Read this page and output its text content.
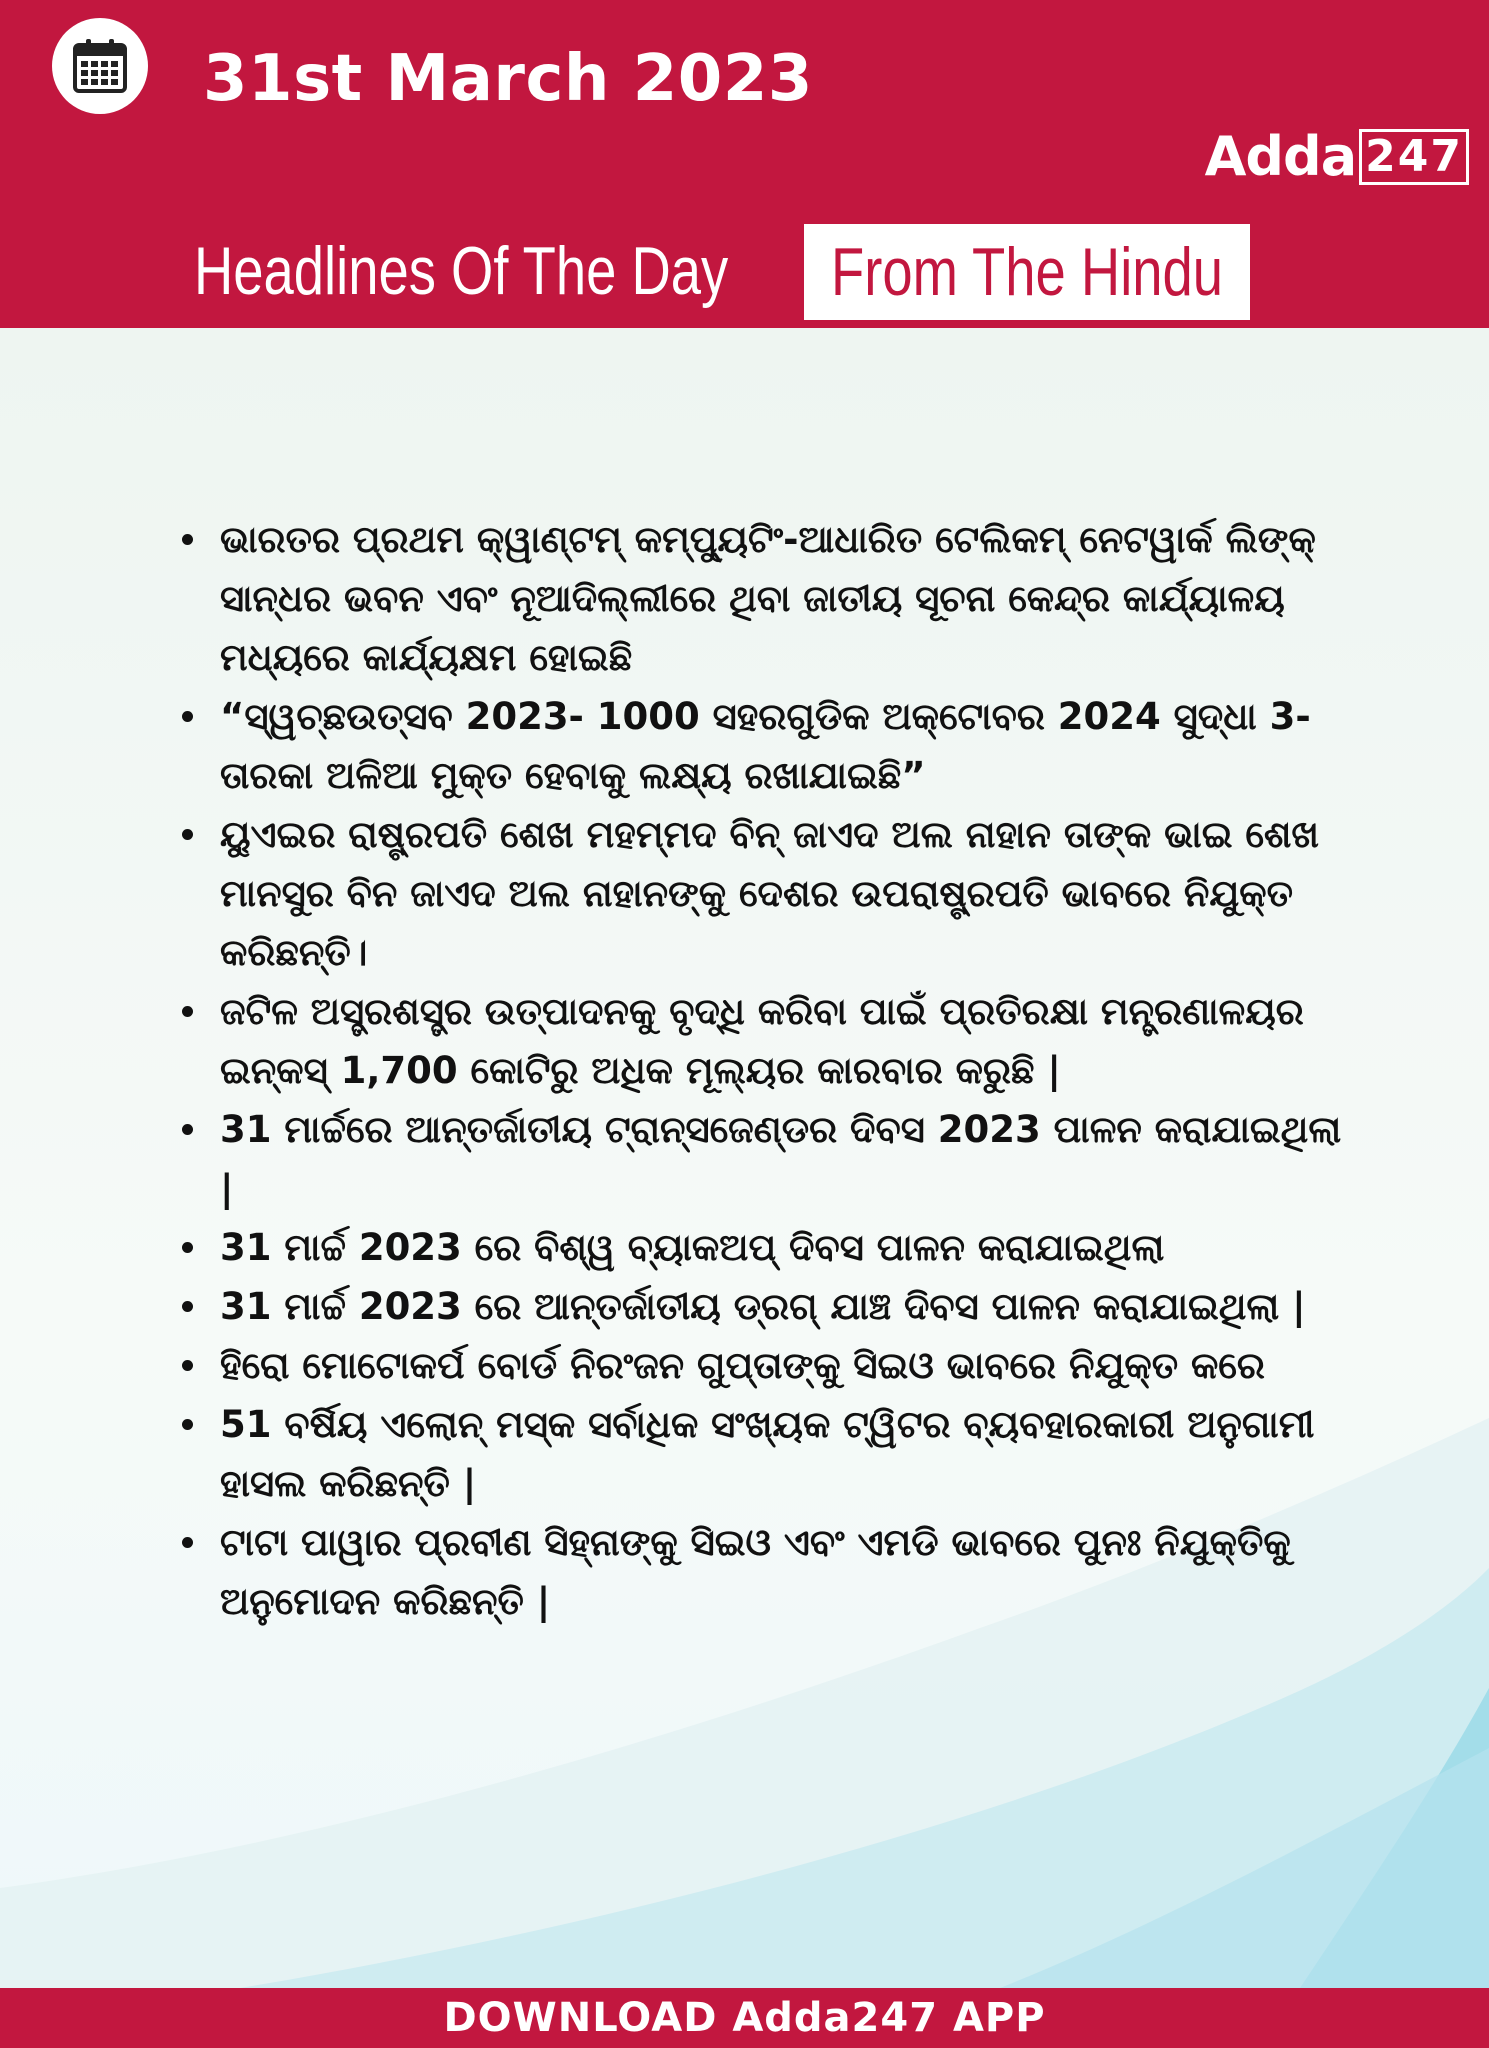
31st March 2023
Adda 247
Headlines Of The Day From The Hindu
ଭାରତର ପ୍ରଥମ କ୍ୱାଣ୍ଟମ୍ କମ୍ପ୍ୟୁଟିଂ-ଆଧାରିତ ଟେଲିକମ୍ ନେଟୱାର୍କ ଲିଙ୍କ୍ ସାନ୍ଧର ଭବନ ଏବଂ ନୂଆଦିଲ୍ଲୀରେ ଥିବା ଜାତୀୟ ସୂଚନା କେନ୍ଦ୍ର କାର୍ଯ୍ୟାଳୟ ମଧ୍ୟରେ କାର୍ଯ୍ୟକ୍ଷମ ହୋଇଛି
“ସ୍ୱଚ୍ଛଉତ୍ସବ 2023- 1000 ସହରଗୁଡିକ ଅକ୍ଟୋବର 2024 ସୁଦ୍ଧା 3-ତାରକା ଅଳିଆ ମୁକ୍ତ ହେବାକୁ ଲକ୍ଷ୍ୟ ରଖାଯାଇଛି”
ୟୁଏଇର ରାଷ୍ଟ୍ରପତି ଶେଖ ମହମ୍ମଦ ବିନ୍ ଜାଏଦ ଅଲ ନାହାନ ତାଙ୍କ ଭାଇ ଶେଖ ମାନସୁର ବିନ ଜାଏଦ ଅଲ ନାହାନଙ୍କୁ ଦେଶର ଉପରାଷ୍ଟ୍ରପତି ଭାବରେ ନିଯୁକ୍ତ କରିଛନ୍ତି।
ଜଟିଳ ଅସ୍ତ୍ରଶସ୍ତ୍ର ଉତ୍ପାଦନକୁ ବୃଦ୍ଧି କରିବା ପାଇଁ ପ୍ରତିରକ୍ଷା ମନ୍ତ୍ରଣାଳୟର ଇନ୍କସ୍ 1,700 କୋଟିରୁ ଅଧିକ ମୂଲ୍ୟର କାରବାର କରୁଛି |
31 ମାର୍ଚ୍ଚରେ ଆନ୍ତର୍ଜାତୀୟ ଟ୍ରାନ୍ସଜେଣ୍ଡର ଦିବସ 2023 ପାଳନ କରାଯାଇଥିଲା |
31 ମାର୍ଚ୍ଚ 2023 ରେ ବିଶ୍ୱ ବ୍ୟାକଅପ୍ ଦିବସ ପାଳନ କରାଯାଇଥିଲା
31 ମାର୍ଚ୍ଚ 2023 ରେ ଆନ୍ତର୍ଜାତୀୟ ଡ୍ରଗ୍ ଯାଞ୍ଚ ଦିବସ ପାଳନ କରାଯାଇଥିଲା |
ହିରୋ ମୋଟୋକର୍ପ ବୋର୍ଡ ନିରଂଜନ ଗୁପ୍ତାଙ୍କୁ ସିଇଓ ଭାବରେ ନିଯୁକ୍ତ କରେ
51 ବର୍ଷିୟ ଏଲୋନ୍ ମସ୍କ ସର୍ବାଧିକ ସଂଖ୍ୟକ ଟ୍ୱିଟର ବ୍ୟବହାରକାରୀ ଅନୁଗାମୀ ହାସଲ କରିଛନ୍ତି |
ଟାଟା ପାୱାର ପ୍ରବୀଣ ସିହ୍ନାଙ୍କୁ ସିଇଓ ଏବଂ ଏମଡି ଭାବରେ ପୁନଃ ନିଯୁକ୍ତିକୁ ଅନୁମୋଦନ କରିଛନ୍ତି |
DOWNLOAD Adda247 APP
